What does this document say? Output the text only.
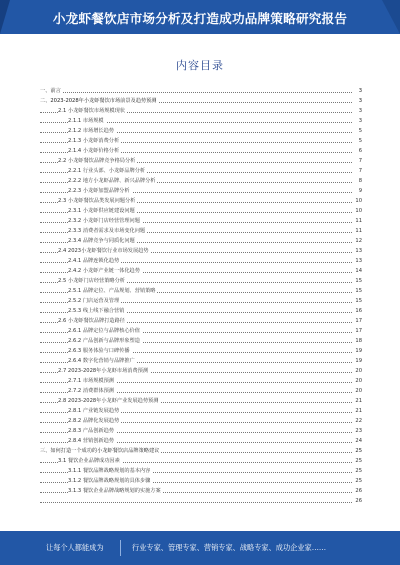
小龙虾餐饮店市场分析及打造成功品牌策略研究报告
内容目录
一、前言	3
二、2023-2028年小龙虾餐饮市场前景及趋势预测	3
2.1 小龙虾餐饮市场规模现状	3
2.1.1 市场规模	3
2.1.2 市场增长趋势	5
2.1.3 小龙虾消费分析	5
2.1.4 小龙虾价格分析	6
2.2 小龙虾餐饮品牌竞争格局分析	7
2.2.1 行业头部、小龙虾品牌分析	7
2.2.2 地方小龙虾品牌、新兴品牌分析	8
2.2.3 小龙虾加盟品牌分析	9
2.3 小龙虾餐饮品类发展问题分析	10
2.3.1 小龙虾供应链建设问题	10
2.3.2 小龙虾门店经营管理问题	11
2.3.3 消费者需求及市场变化问题	11
2.3.4 品牌竞争与同质化问题	12
2.4 2023小龙虾餐饮行业市场发展趋势	13
2.4.1 品牌连锁化趋势	13
2.4.2 小龙虾产业链一体化趋势	14
2.5 小龙虾门店经营策略分析	15
2.5.1 品牌定位、产品规划、营销策略	15
2.5.2 门店运营及管理	15
2.5.3 线上线下融合营销	16
2.6 小龙虾餐饮品牌打造路径	17
2.6.1 品牌定位与品牌核心价值	17
2.6.2 产品创新与品牌形象塑造	18
2.6.3 服务体验与口碑传播	19
2.6.4 数字化营销与品牌推广	19
2.7 2023-2028年小龙虾市场消费预测	20
2.7.1 市场规模预测	20
2.7.2 消费群体预测	20
2.8 2023-2028年小龙虾产业发展趋势预测	21
2.8.1 产业链发展趋势	21
2.8.2 品牌化发展趋势	22
2.8.3 产品创新趋势	23
2.8.4 营销创新趋势	24
三、如何打造一个成功的小龙虾餐饮店品牌策略建议	25
3.1 餐饮企业品牌成功因素	25
3.1.1 餐饮品牌战略规划的基本内容	25
3.1.2 餐饮品牌战略规划的具体步骤	25
3.1.3 餐饮企业品牌战略规划的实施方案	26
26
让每个人都能成为	行业专家、管理专家、营销专家、战略专家、成功企业家……
